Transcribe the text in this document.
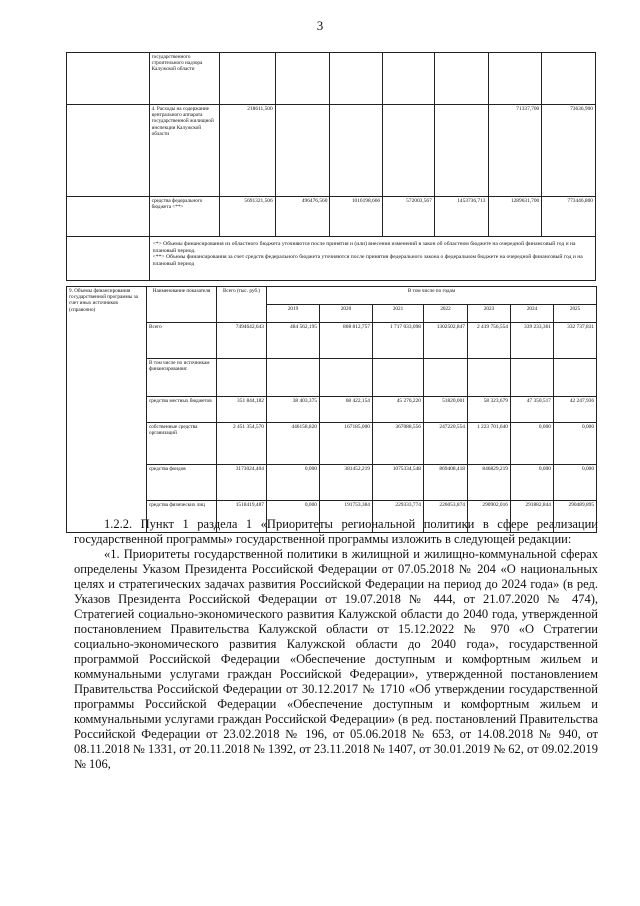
3
	государственного строительного надзора Калужской области							
	4. Расходы на содержание центрального аппарата государственной жилищной инспекции Калужской области	218611,500					71337,700	73636,900
	средства федерального бюджета <**>	5691321,506	496476,560	1016198,666	572003,567	1453736,713	1289631,700	773446,800

	<*> Объемы финансирования из областного бюджета уточняются после принятия и (или) внесения изменений в закон об областном бюджете на очередной финансовый год и на плановый период.
<**> Объемы финансирования за счет средств федерального бюджета уточняются после принятия федерального закона о федеральном бюджете на очередной финансовый год и на плановый период							
9. Объемы финансирования государственной программы за счет иных источников (справочно)	Наименование показателя	Всего (тыс. руб.)	В том числе по годам						
			2019	2020	2021	2022	2023	2024	2025
	Всего	7494642,643	484 562,195	808 812,757	1 717 033,098	1302502,847	2 419 756,554	339 233,361	332 737,831
	В том числе по источникам финансирования:								
	средства местных бюджетов	351 844,182	38 403,375	68 422,154	45 276,220	51820,001	58 323,679	47 350,517	42 247,936
	собственные средства организаций	2 451 354,570	446158,820	167185,000	367088,556	247220,554	1 223 701,640	0,000	0,000
	средства фондов	3173024,404	0,000	381452,219	1075334,548	869408,418	846829,219	0,000	0,000
	средства физических лиц	1518419,487	0,000	191753,384	229333,774	226053,874	290902,016	291882,844	290489,895

1.2.2. Пункт 1 раздела 1 «Приоритеты региональной политики в сфере реализации государственной программы» государственной программы изложить в следующей редакции:

«1. Приоритеты государственной политики в жилищной и жилищно-коммунальной сферах определены Указом Президента Российской Федерации от 07.05.2018 № 204 «О национальных целях и стратегических задачах развития Российской Федерации на период до 2024 года» (в ред. Указов Президента Российской Федерации от 19.07.2018 № 444, от 21.07.2020 № 474), Стратегией социально-экономического развития Калужской области до 2040 года, утвержденной постановлением Правительства Калужской области от 15.12.2022 № 970 «О Стратегии социально-экономического развития Калужской области до 2040 года», государственной программой Российской Федерации «Обеспечение доступным и комфортным жильем и коммунальными услугами граждан Российской Федерации», утвержденной постановлением Правительства Российской Федерации от 30.12.2017 № 1710 «Об утверждении государственной программы Российской Федерации «Обеспечение доступным и комфортным жильем и коммунальными услугами граждан Российской Федерации» (в ред. постановлений Правительства Российской Федерации от 23.02.2018 № 196, от 05.06.2018 № 653, от 14.08.2018 № 940, от 08.11.2018 № 1331, от 20.11.2018 № 1392, от 23.11.2018 № 1407, от 30.01.2019 № 62, от 09.02.2019 № 106,
